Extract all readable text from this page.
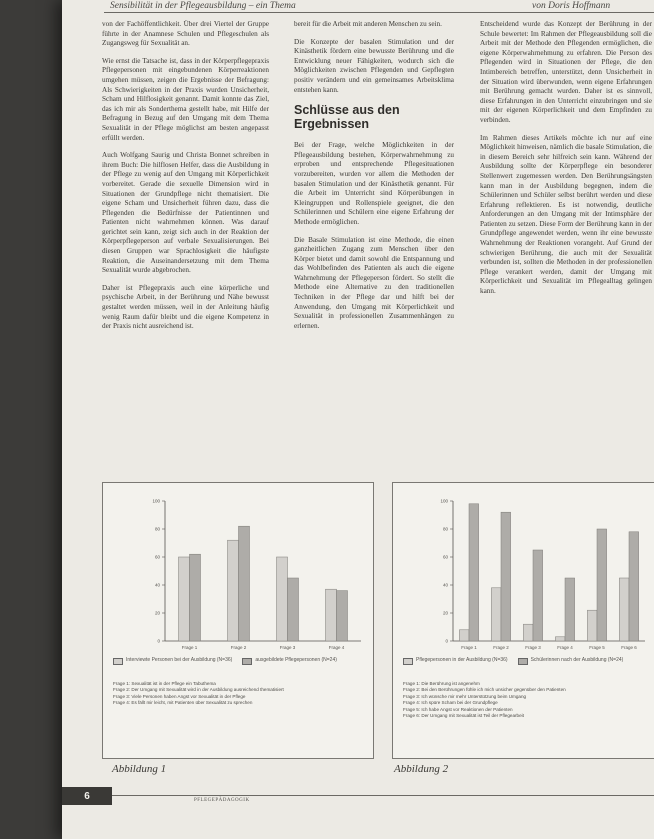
Sensibilität in der Pflegeausbildung – ein Thema	von Doris Hoffmann

von der Fachöffentlichkeit. Über drei Viertel der Gruppe führte in der Anamnese Schulen und Pflegeschulen als Zugangsweg für Sexualität an.

Wie ernst die Tatsache ist, dass in der Körperpflegepraxis Pflegepersonen mit eingebundenen Körperreaktionen umgehen müssen, zeigen die Ergebnisse der Befragung: Als Schwierigkeiten in der Praxis wurden Unsicherheit, Scham und Hilflosigkeit genannt. Damit konnte das Ziel, das ich mir als Sonderthema gestellt habe, mit Hilfe der Befragung in Bezug auf den Umgang mit dem Thema Sexualität in der Pflege möglichst am besten angepasst erfüllt werden.

Auch Wolfgang Saurig und Christa Bonnet schreiben in ihrem Buch: Die hilflosen Helfer, dass die Ausbildung in der Pflege zu wenig auf den Umgang mit Körperlichkeit vorbereitet. Gerade die sexuelle Dimension wird in Situationen der Grundpflege nicht thematisiert. Die eigene Scham und Unsicherheit führen dazu, dass die Pflegenden die Bedürfnisse der Patientinnen und Patienten nicht wahrnehmen können. Was darauf gerichtet sein kann, zeigt sich auch in der Reaktion der Körperpflegeperson auf verbale Sexualisierungen. Bei diesen Gruppen war Sprachlosigkeit die häufigste Reaktion, die Auseinandersetzung mit dem Thema Sexualität wurde abgebrochen.

Daher ist Pflegepraxis auch eine körperliche und psychische Arbeit, in der Berührung und Nähe bewusst gestaltet werden müssen, weil in der Anleitung häufig wenig Raum dafür bleibt und die eigene Kompetenz in der Praxis nicht ausreichend ist.

bereit für die Arbeit mit anderen Menschen zu sein.

Die Konzepte der basalen Stimulation und der Kinästhetik fördern eine bewusste Berührung und die Entwicklung neuer Fähigkeiten, wodurch sich die Möglichkeiten zwischen Pflegenden und Gepflegten positiv verändern und ein gemeinsames Arbeitsklima entstehen kann.

Schlüsse aus den Ergebnissen

Bei der Frage, welche Möglichkeiten in der Pflegeausbildung bestehen, Körperwahrnehmung zu erproben und entsprechende Pflegesituationen vorzubereiten, wurden vor allem die Methoden der basalen Stimulation und der Kinästhetik genannt. Für die Arbeit im Unterricht sind Körperübungen in Kleingruppen und Rollenspiele geeignet, die den Schülerinnen und Schülern eine eigene Erfahrung der Methode ermöglichen.

Die Basale Stimulation ist eine Methode, die einen ganzheitlichen Zugang zum Menschen über den Körper bietet und damit sowohl die Entspannung und das Wohlbefinden des Patienten als auch die eigene Wahrnehmung der Pflegeperson fördert. So stellt die Methode eine Alternative zu den traditionellen Techniken in der Pflege dar und hilft bei der Anwendung, den Umgang mit Körperlichkeit und Sexualität in professionellen Zusammenhängen zu erlernen.

Entscheidend wurde das Konzept der Berührung in der Schule bewertet: Im Rahmen der Pflegeausbildung soll die Arbeit mit der Methode den Pflegenden ermöglichen, die eigene Körperwahrnehmung zu erfahren. Die Person des Pflegenden wird in Situationen der Pflege, die den Intimbereich betreffen, unterstützt, denn Unsicherheit in der Situation wird überwunden, wenn eigene Erfahrungen mit Berührung gemacht wurden. Daher ist es sinnvoll, diese Erfahrungen in den Unterricht einzubringen und sie mit der eigenen Körperlichkeit und dem Empfinden zu verbinden.

Im Rahmen dieses Artikels möchte ich nur auf eine Möglichkeit hinweisen, nämlich die basale Stimulation, die in diesem Bereich sehr hilfreich sein kann. Während der Ausbildung sollte der Körperpflege ein besonderer Stellenwert zugemessen werden. Den Berührungsängsten kann man in der Ausbildung begegnen, indem die Schülerinnen und Schüler selbst berührt werden und diese Erfahrung reflektieren. Es ist notwendig, deutliche Anforderungen an den Umgang mit der Intimsphäre der Patienten zu setzen. Diese Form der Berührung kann in der Grundpflege angewendet werden, wenn ihr eine bewusste Wahrnehmung der Reaktionen vorangeht. Auf Grund der schwierigen Berührung, die auch mit der Sexualität verbunden ist, sollten die Methoden in der professionellen Pflege verankert werden, damit der Umgang mit Körperlichkeit und Sexualität im Pflegealltag gelingen kann.

0
20
40
60
80
100
Frage 1	Frage 2	Frage 3	Frage 4
Interviewte Personen bei der Ausbildung (N=36)	ausgebildete Pflegepersonen (N=24)
Frage 1: Sexualität ist in der Pflege ein Tabuthema
Frage 2: Der Umgang mit Sexualität wird in der Ausbildung ausreichend thematisiert
Frage 3: Viele Personen haben Angst vor Sexualität in der Pflege
Frage 4: Es fällt mir leicht, mit Patienten über Sexualität zu sprechen
0
20
40
60
80
100
Frage 1	Frage 2	Frage 3	Frage 4	Frage 5	Frage 6
Pflegepersonen in der Ausbildung (N=36)	Schülerinnen nach der Ausbildung (N=24)
Frage 1: Die Berührung ist angenehm
Frage 2: Bei den Berührungen fühle ich mich unsicher gegenüber den Patienten
Frage 3: Ich wünsche mir mehr Unterstützung beim Umgang
Frage 4: Ich spüre Scham bei der Grundpflege
Frage 5: Ich habe Angst vor Reaktionen der Patienten
Frage 6: Der Umgang mit Sexualität ist Teil der Pflegearbeit
Abbildung 1	Abbildung 2
6	PFLEGEPÄDAGOGIK
